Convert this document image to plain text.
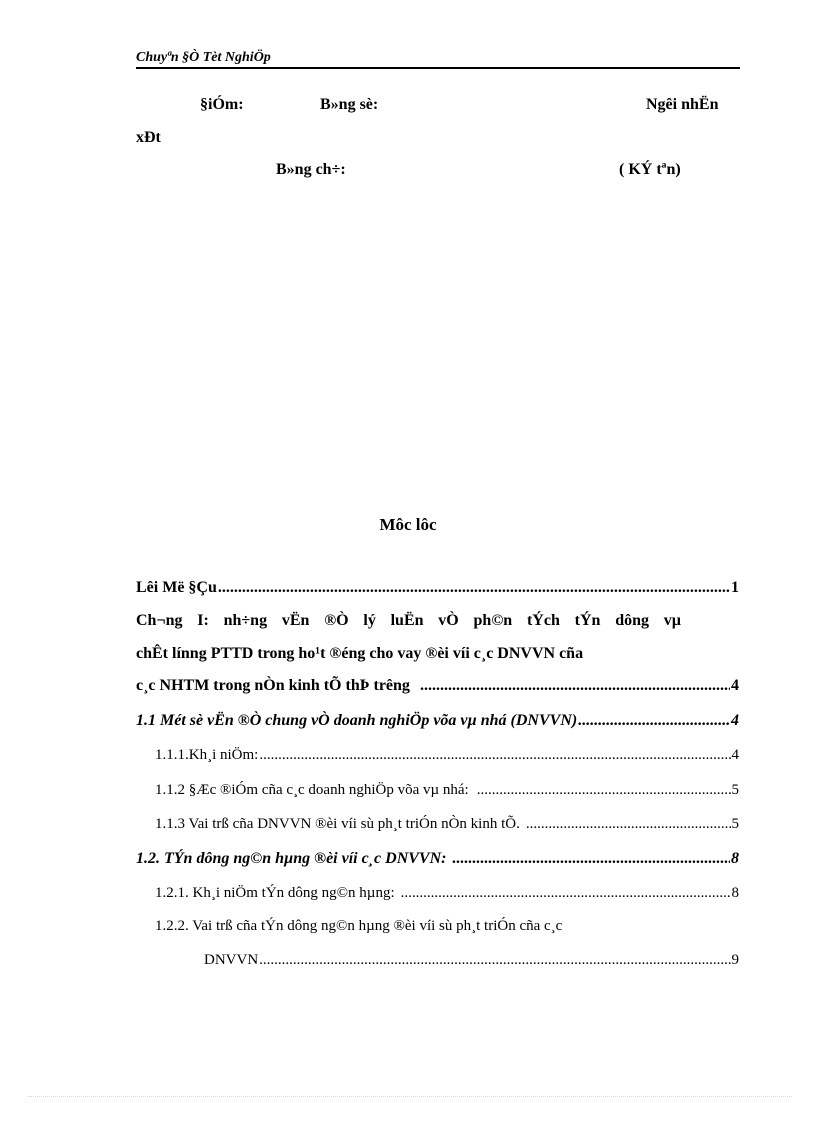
Chuyªn §Ò Tèt NghiÖp
§iÓm:	B»ng sè:	Ngêi nhËn
xÐt
B»ng ch÷:	( KÝ tªn)
Môc lôc
Lêi Më §Çu .....	1
Ch¬ng I: nh÷ng vËn ®Ò lý luËn vÒ ph©n tÝch tÝn dông vµ
chÊt línng PTTD trong ho¹t ®éng cho vay ®èi víi c¸c DNVVN cña
c¸c NHTM trong nÒn kinh tÕ thÞ trêng .....	4
1.1 Mét sè vËn ®Ò chung vÒ doanh nghiÖp võa vµ nhá (DNVVN) .....	4
1.1.1.Kh¸i niÖm: .....	4
1.1.2 §Æc ®iÓm cña c¸c doanh nghiÖp võa vµ nhá: .....	5
1.1.3 Vai trß cña DNVVN ®èi víi sù ph¸t triÓn nÒn kinh tÕ. .....	5
1.2. TÝn dông ng©n hµng ®èi víi c¸c DNVVN: .....	8
1.2.1. Kh¸i niÖm tÝn dông ng©n hµng: .....	8
1.2.2. Vai trß cña tÝn dông ng©n hµng ®èi víi sù ph¸t triÓn cña c¸c
DNVVN .....	9
